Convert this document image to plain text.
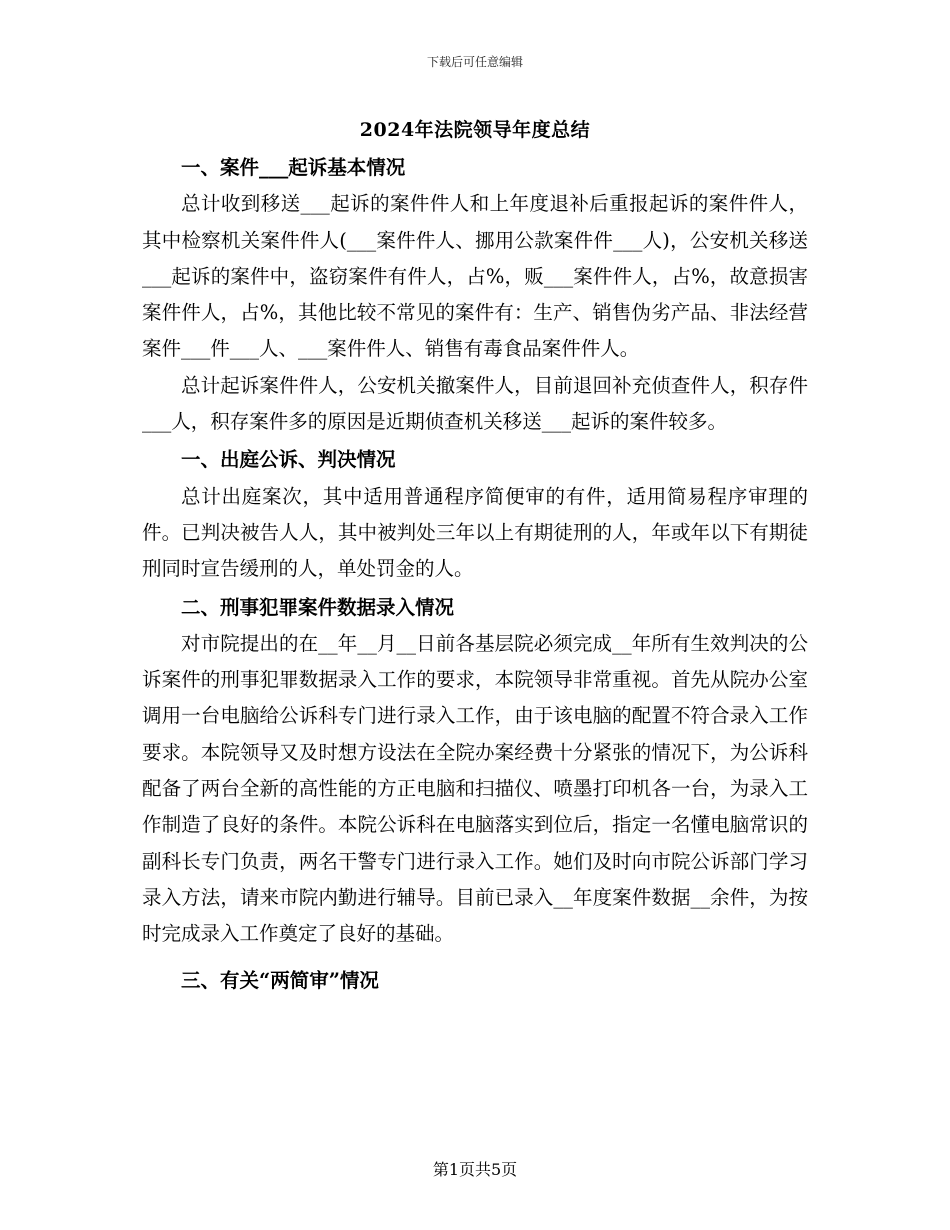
下载后可任意编辑
2024年法院领导年度总结
一、案件___起诉基本情况

总计收到移送___起诉的案件件人和上年度退补后重报起诉的案件件人，其中检察机关案件件人(___案件件人、挪用公款案件件___人)，公安机关移送___起诉的案件中，盗窃案件有件人，占%，贩___案件件人，占%，故意损害案件件人，占%，其他比较不常见的案件有：生产、销售伪劣产品、非法经营案件___件___人、___案件件人、销售有毒食品案件件人。

总计起诉案件件人，公安机关撤案件人，目前退回补充侦查件人，积存件___人，积存案件多的原因是近期侦查机关移送___起诉的案件较多。

一、出庭公诉、判决情况

总计出庭案次，其中适用普通程序简便审的有件，适用简易程序审理的件。已判决被告人人，其中被判处三年以上有期徒刑的人，年或年以下有期徒刑同时宣告缓刑的人，单处罚金的人。

二、刑事犯罪案件数据录入情况

对市院提出的在__年__月__日前各基层院必须完成__年所有生效判决的公诉案件的刑事犯罪数据录入工作的要求，本院领导非常重视。首先从院办公室调用一台电脑给公诉科专门进行录入工作，由于该电脑的配置不符合录入工作要求。本院领导又及时想方设法在全院办案经费十分紧张的情况下，为公诉科配备了两台全新的高性能的方正电脑和扫描仪、喷墨打印机各一台，为录入工作制造了良好的条件。本院公诉科在电脑落实到位后，指定一名懂电脑常识的副科长专门负责，两名干警专门进行录入工作。她们及时向市院公诉部门学习录入方法，请来市院内勤进行辅导。目前已录入__年度案件数据__余件，为按时完成录入工作奠定了良好的基础。

三、有关“两简审”情况
第1页共5页
